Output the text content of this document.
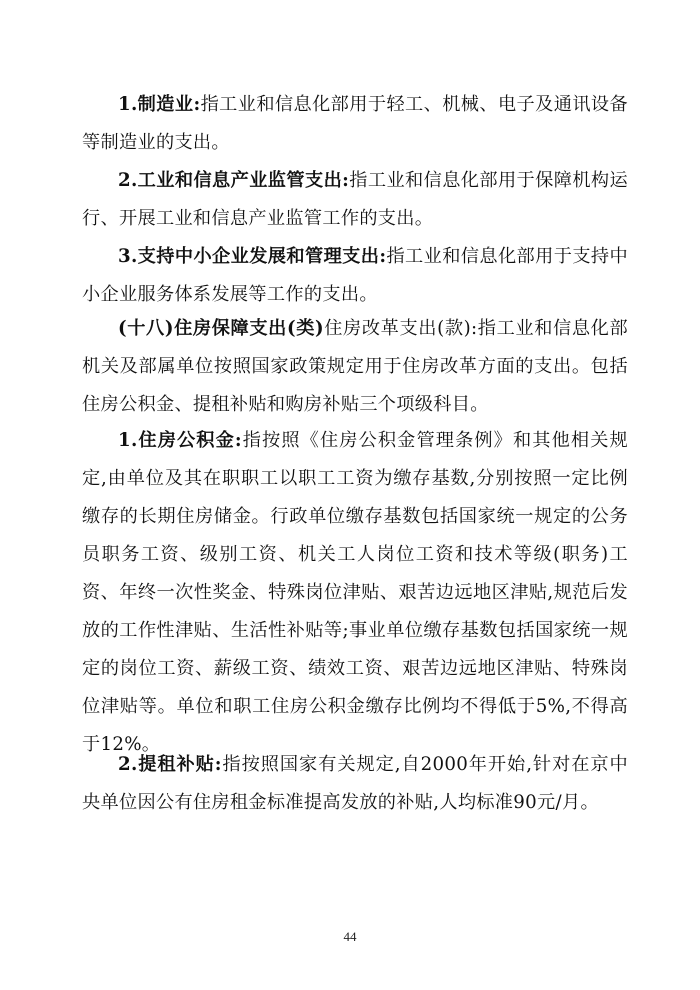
1.制造业:指工业和信息化部用于轻工、机械、电子及通讯设备等制造业的支出。

2.工业和信息产业监管支出:指工业和信息化部用于保障机构运行、开展工业和信息产业监管工作的支出。

3.支持中小企业发展和管理支出:指工业和信息化部用于支持中小企业服务体系发展等工作的支出。

(十八)住房保障支出(类)住房改革支出(款):指工业和信息化部机关及部属单位按照国家政策规定用于住房改革方面的支出。包括住房公积金、提租补贴和购房补贴三个项级科目。

1.住房公积金:指按照《住房公积金管理条例》和其他相关规定,由单位及其在职职工以职工工资为缴存基数,分别按照一定比例缴存的长期住房储金。行政单位缴存基数包括国家统一规定的公务员职务工资、级别工资、机关工人岗位工资和技术等级(职务)工资、年终一次性奖金、特殊岗位津贴、艰苦边远地区津贴,规范后发放的工作性津贴、生活性补贴等;事业单位缴存基数包括国家统一规定的岗位工资、薪级工资、绩效工资、艰苦边远地区津贴、特殊岗位津贴等。单位和职工住房公积金缴存比例均不得低于5%,不得高于12%。

2.提租补贴:指按照国家有关规定,自2000年开始,针对在京中央单位因公有住房租金标准提高发放的补贴,人均标准90元/月。

44
